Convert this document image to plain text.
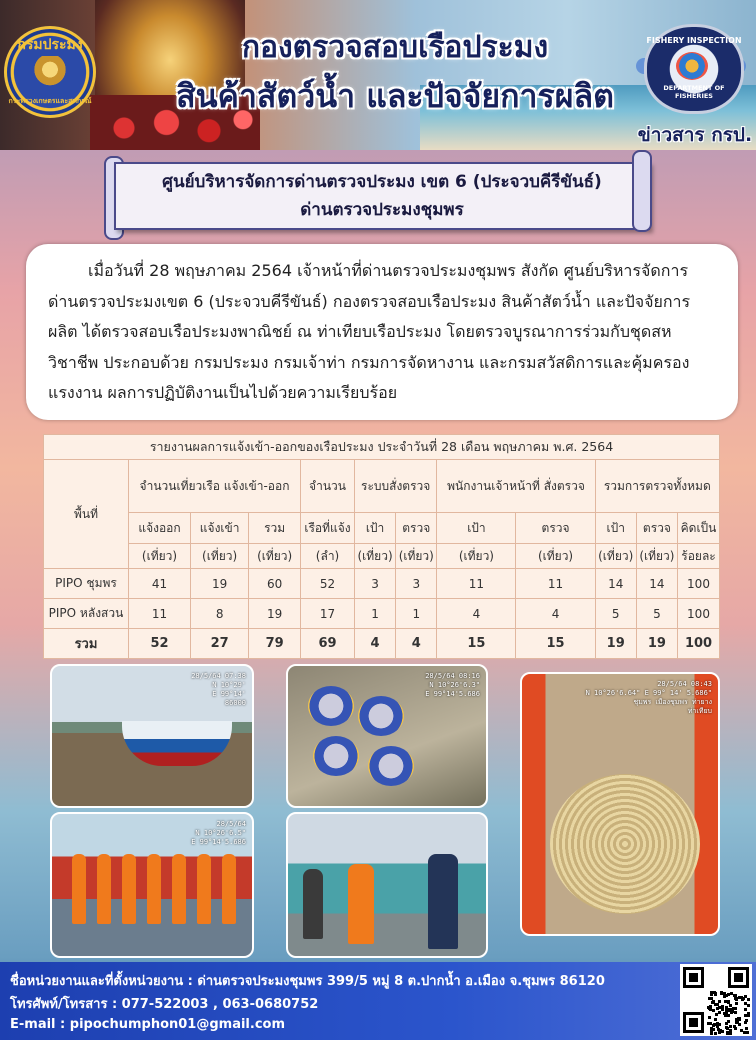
กรมประมง
กระทรวงเกษตรและสหกรณ์
กองตรวจสอบเรือประมง
สินค้าสัตว์น้ำ และปัจจัยการผลิต
FISHERY INSPECTION
DEPARTMENT OF FISHERIES
ข่าวสาร กรป.
ศูนย์บริหารจัดการด่านตรวจประมง เขต 6 (ประจวบคีรีขันธ์)
ด่านตรวจประมงชุมพร

เมื่อวันที่ 28 พฤษภาคม 2564 เจ้าหน้าที่ด่านตรวจประมงชุมพร สังกัด ศูนย์บริหารจัดการด่านตรวจประมงเขต 6 (ประจวบคีรีขันธ์) กองตรวจสอบเรือประมง สินค้าสัตว์น้ำ และปัจจัยการผลิต ได้ตรวจสอบเรือประมงพาณิชย์ ณ ท่าเทียบเรือประมง โดยตรวจบูรณาการร่วมกับชุดสหวิชาชีพ ประกอบด้วย กรมประมง กรมเจ้าท่า กรมการจัดหางาน และกรมสวัสดิการและคุ้มครองแรงงาน ผลการปฏิบัติงานเป็นไปด้วยความเรียบร้อย

รายงานผลการแจ้งเข้า-ออกของเรือประมง ประจำวันที่ 28 เดือน พฤษภาคม พ.ศ. 2564											
พื้นที่	จำนวนเที่ยวเรือ แจ้งเข้า-ออก			จำนวน	ระบบสั่งตรวจ		พนักงานเจ้าหน้าที่ สั่งตรวจ		รวมการตรวจทั้งหมด		
	แจ้งออก	แจ้งเข้า	รวม	เรือที่แจ้ง	เป้า	ตรวจ	เป้า	ตรวจ	เป้า	ตรวจ	คิดเป็น
	(เที่ยว)	(เที่ยว)	(เที่ยว)	(ลำ)	(เที่ยว)	(เที่ยว)	(เที่ยว)	(เที่ยว)	(เที่ยว)	(เที่ยว)	ร้อยละ
PIPO ชุมพร	41	19	60	52	3	3	11	11	14	14	100
PIPO หลังสวน	11	8	19	17	1	1	4	4	5	5	100
รวม	52	27	79	69	4	4	15	15	19	19	100
28/5/64 07:38
N 10°29'
E 99°14'
86000
28/5/64 08:16
N 10°26'6.3"
E 99°14'5.686
28/5/64 08:43
N 10°26'6.64" E 99° 14' 5.686"
ชุมพร เมืองชุมพร ท่ายาง
ท่าเทียบ
28/5/64
N 10°26'6.5"
E 99°14'5.686
ชื่อหน่วยงานและที่ตั้งหน่วยงาน : ด่านตรวจประมงชุมพร 399/5 หมู่ 8 ต.ปากน้ำ อ.เมือง จ.ชุมพร 86120
โทรศัพท์/โทรสาร : 077-522003 , 063-0680752
E-mail : pipochumphon01@gmail.com
